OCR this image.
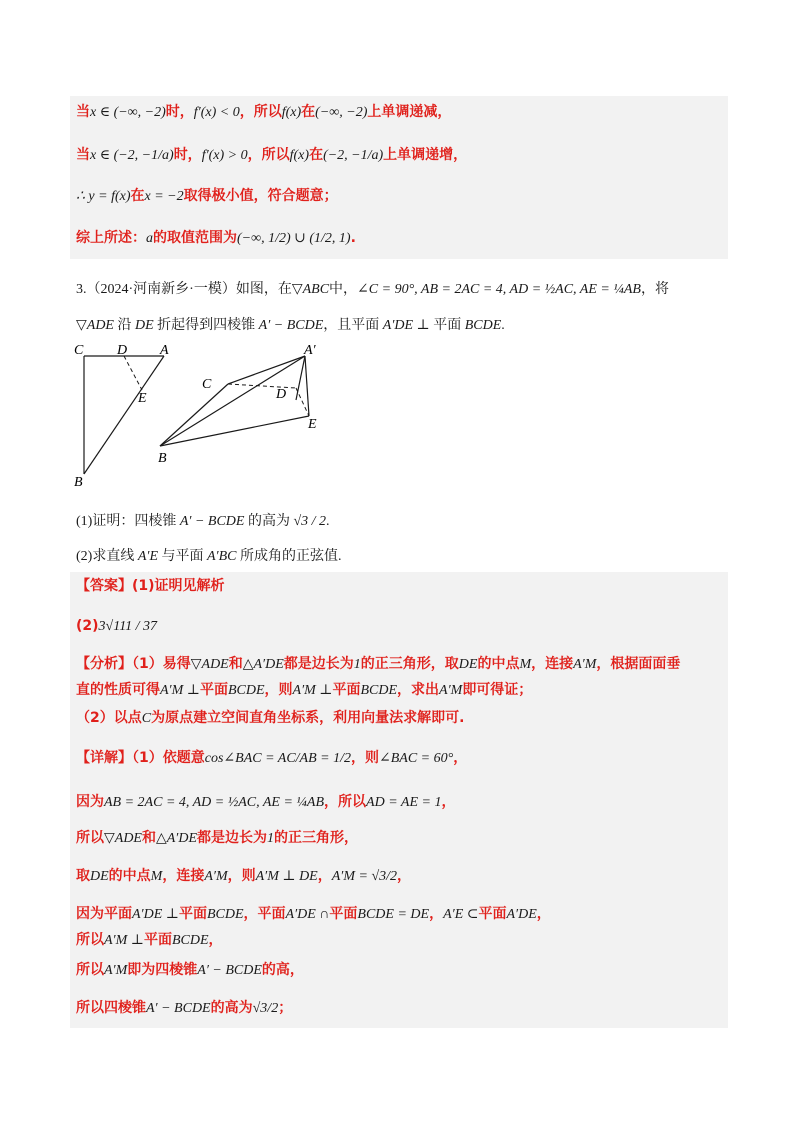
当x ∈ (−∞, −2)时，f′(x) < 0，所以f(x)在(−∞, −2)上单调递减，
当x ∈ (−2, −1/a)时，f′(x) > 0，所以f(x)在(−2, −1/a)上单调递增，
∴ y = f(x)在x = −2取得极小值，符合题意；
综上所述：a的取值范围为(−∞, 1/2) ∪ (1/2, 1).
3.（2024·河南新乡·一模）如图，在▽ABC中，∠C = 90°, AB = 2AC = 4, AD = ½AC, AE = ¼AB，将
▽ADE 沿 DE 折起得到四棱锥 A′ − BCDE，且平面 A′DE ⊥ 平面 BCDE.
C D A
E
B
A′
C
D
E
B
(1)证明：四棱锥 A′ − BCDE 的高为 √3 / 2.
(2)求直线 A′E 与平面 A′BC 所成角的正弦值.
【答案】(1)证明见解析
(2)3√111 / 37
【分析】（1）易得▽ADE和△A′DE都是边长为1的正三角形，取DE的中点M，连接A′M，根据面面垂
直的性质可得A′M ⊥平面BCDE，则A′M ⊥平面BCDE，求出A′M即可得证；
（2）以点C为原点建立空间直角坐标系，利用向量法求解即可.
【详解】（1）依题意cos∠BAC = AC/AB = 1/2，则∠BAC = 60°，
因为AB = 2AC = 4, AD = ½AC, AE = ¼AB，所以AD = AE = 1，
所以▽ADE和△A′DE都是边长为1的正三角形，
取DE的中点M，连接A′M，则A′M ⊥ DE，A′M = √3/2，
因为平面A′DE ⊥平面BCDE，平面A′DE ∩平面BCDE = DE，A′E ⊂平面A′DE，
所以A′M ⊥平面BCDE，
所以A′M即为四棱锥A′ − BCDE的高，
所以四棱锥A′ − BCDE的高为√3/2；
